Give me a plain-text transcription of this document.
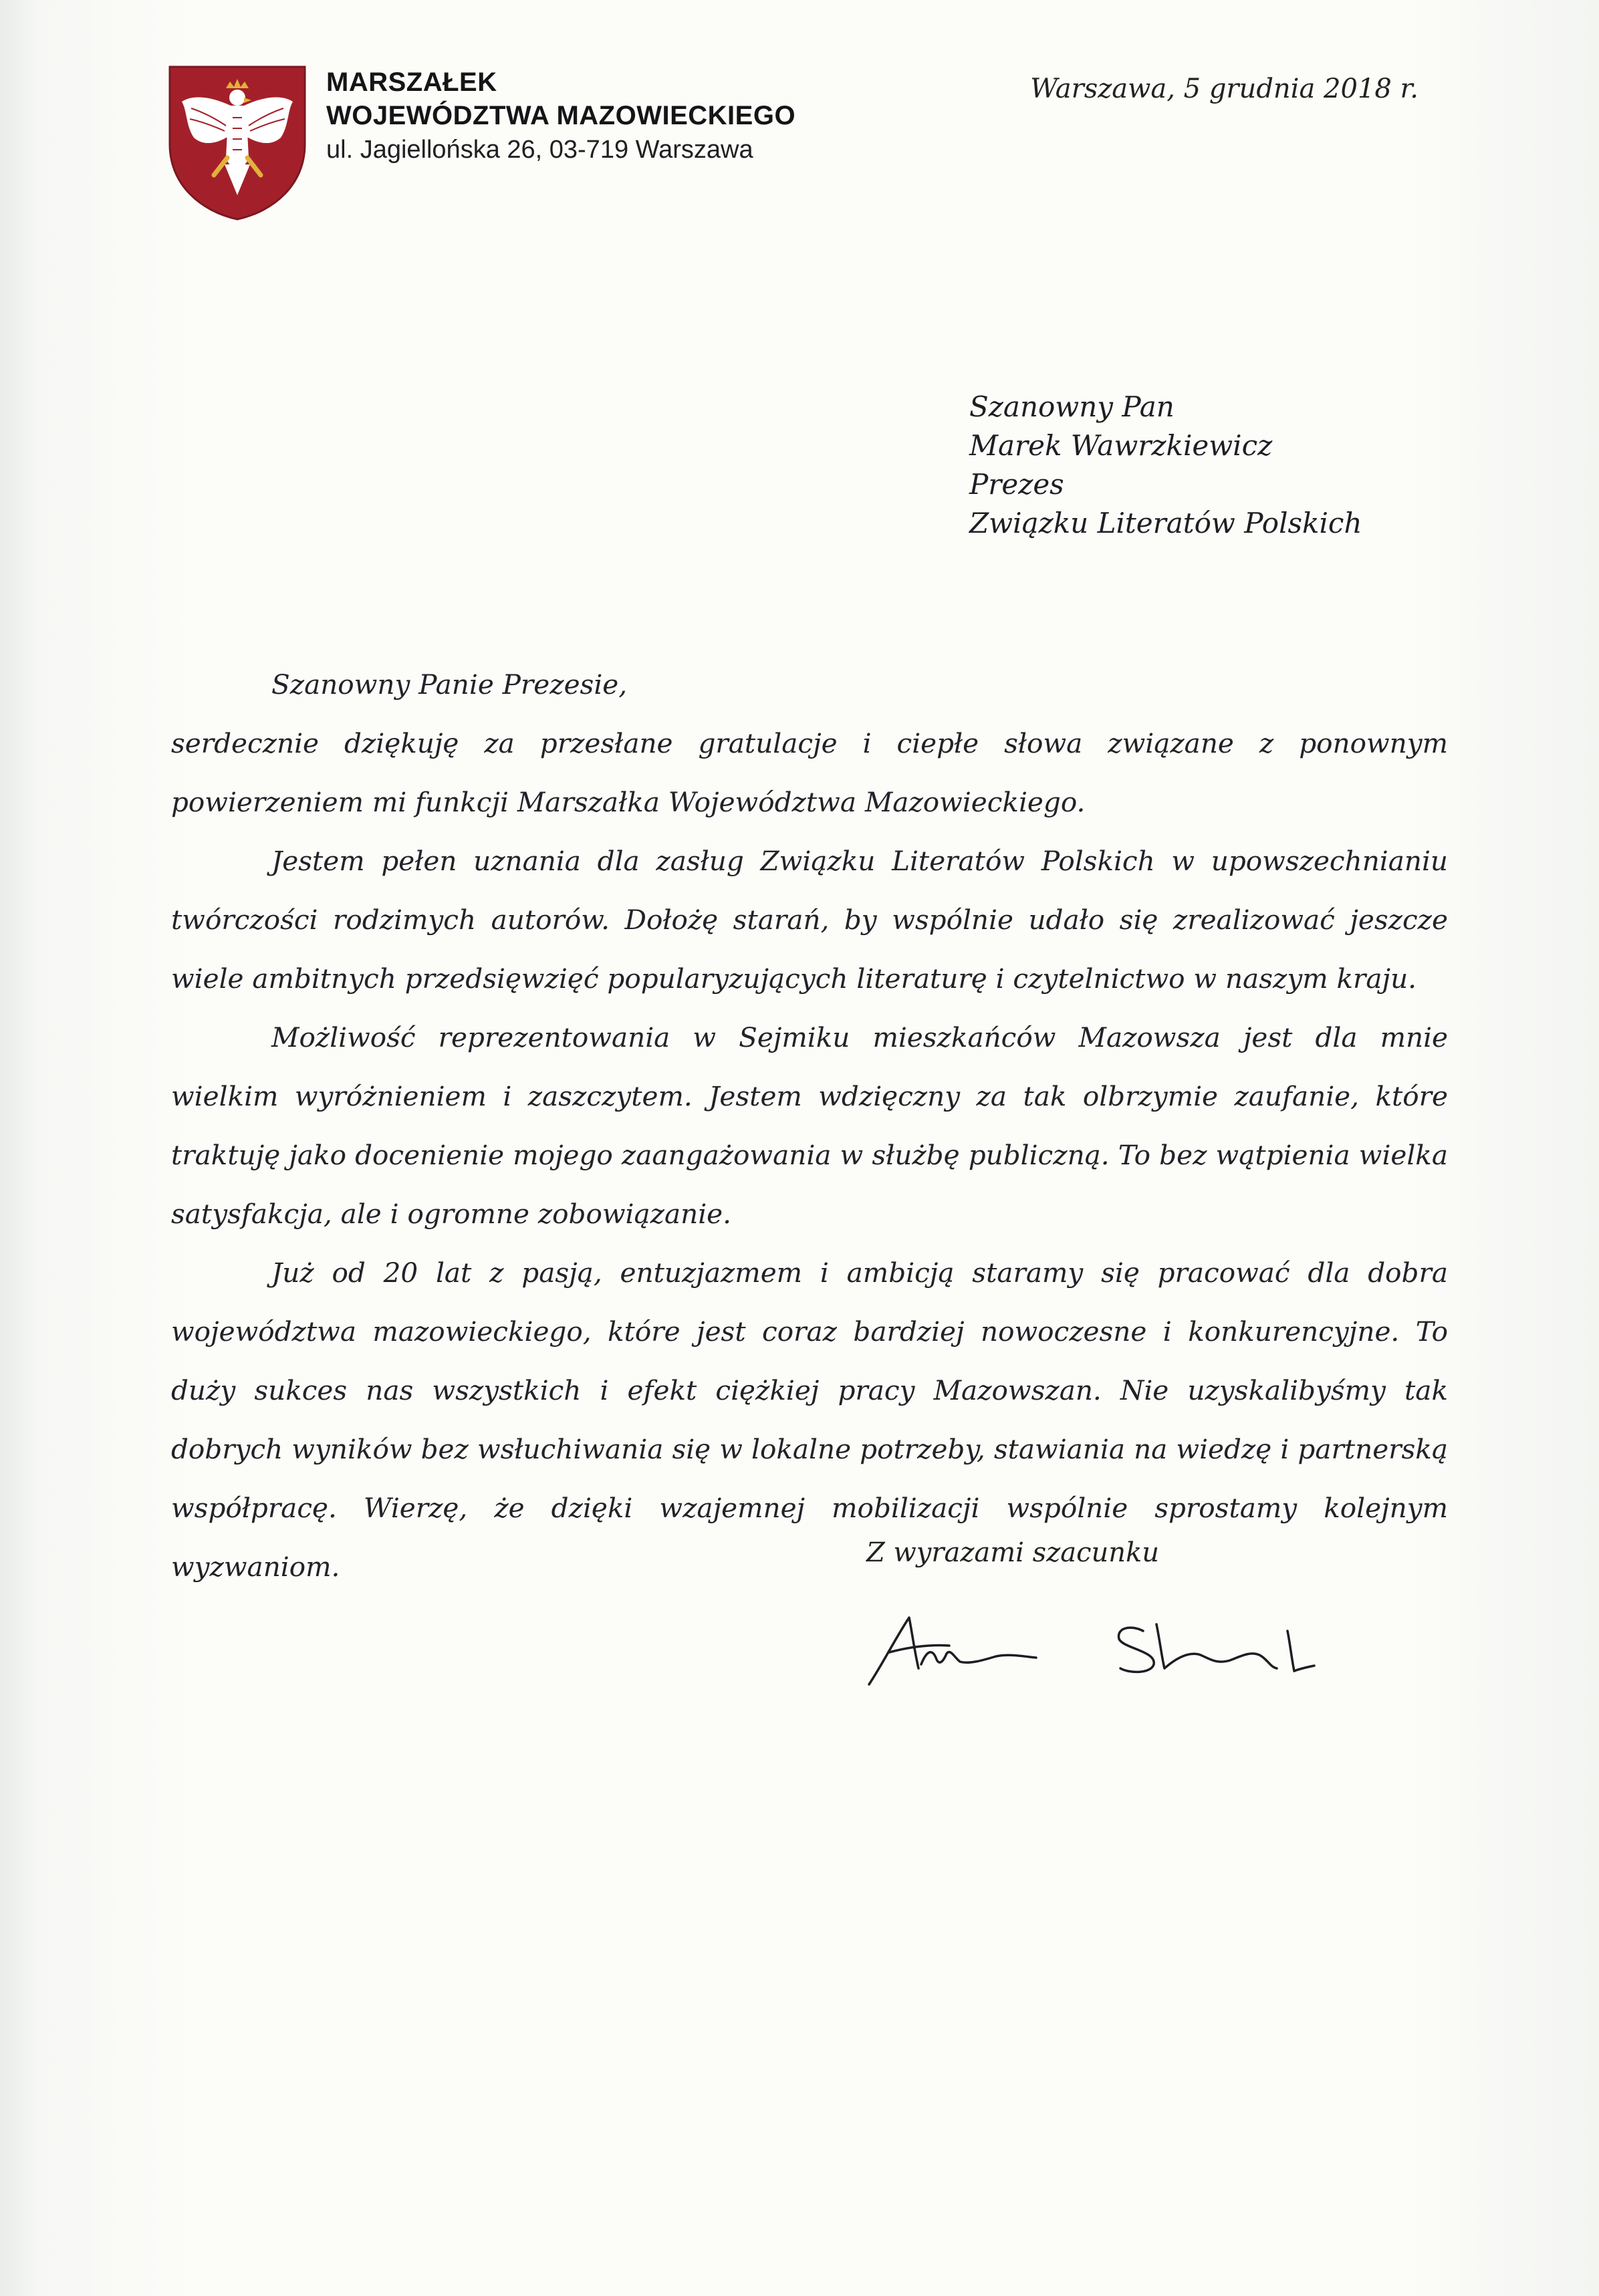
MARSZAŁEK
WOJEWÓDZTWA MAZOWIECKIEGO
ul. Jagiellońska 26, 03-719 Warszawa
Warszawa, 5 grudnia 2018 r.
Szanowny Pan
Marek Wawrzkiewicz
Prezes
Związku Literatów Polskich
Szanowny Panie Prezesie,

serdecznie dziękuję za przesłane gratulacje i ciepłe słowa związane z ponownym powierzeniem mi funkcji Marszałka Województwa Mazowieckiego.

Jestem pełen uznania dla zasług Związku Literatów Polskich w upowszechnianiu twórczości rodzimych autorów. Dołożę starań, by wspólnie udało się zrealizować jeszcze wiele ambitnych przedsięwzięć popularyzujących literaturę i czytelnictwo w naszym kraju.

Możliwość reprezentowania w Sejmiku mieszkańców Mazowsza jest dla mnie wielkim wyróżnieniem i zaszczytem. Jestem wdzięczny za tak olbrzymie zaufanie, które traktuję jako docenienie mojego zaangażowania w służbę publiczną. To bez wątpienia wielka satysfakcja, ale i ogromne zobowiązanie.

Już od 20 lat z pasją, entuzjazmem i ambicją staramy się pracować dla dobra województwa mazowieckiego, które jest coraz bardziej nowoczesne i konkurencyjne. To duży sukces nas wszystkich i efekt ciężkiej pracy Mazowszan. Nie uzyskalibyśmy tak dobrych wyników bez wsłuchiwania się w lokalne potrzeby, stawiania na wiedzę i partnerską współpracę. Wierzę, że dzięki wzajemnej mobilizacji wspólnie sprostamy kolejnym wyzwaniom.	Z wyrazami szacunku
